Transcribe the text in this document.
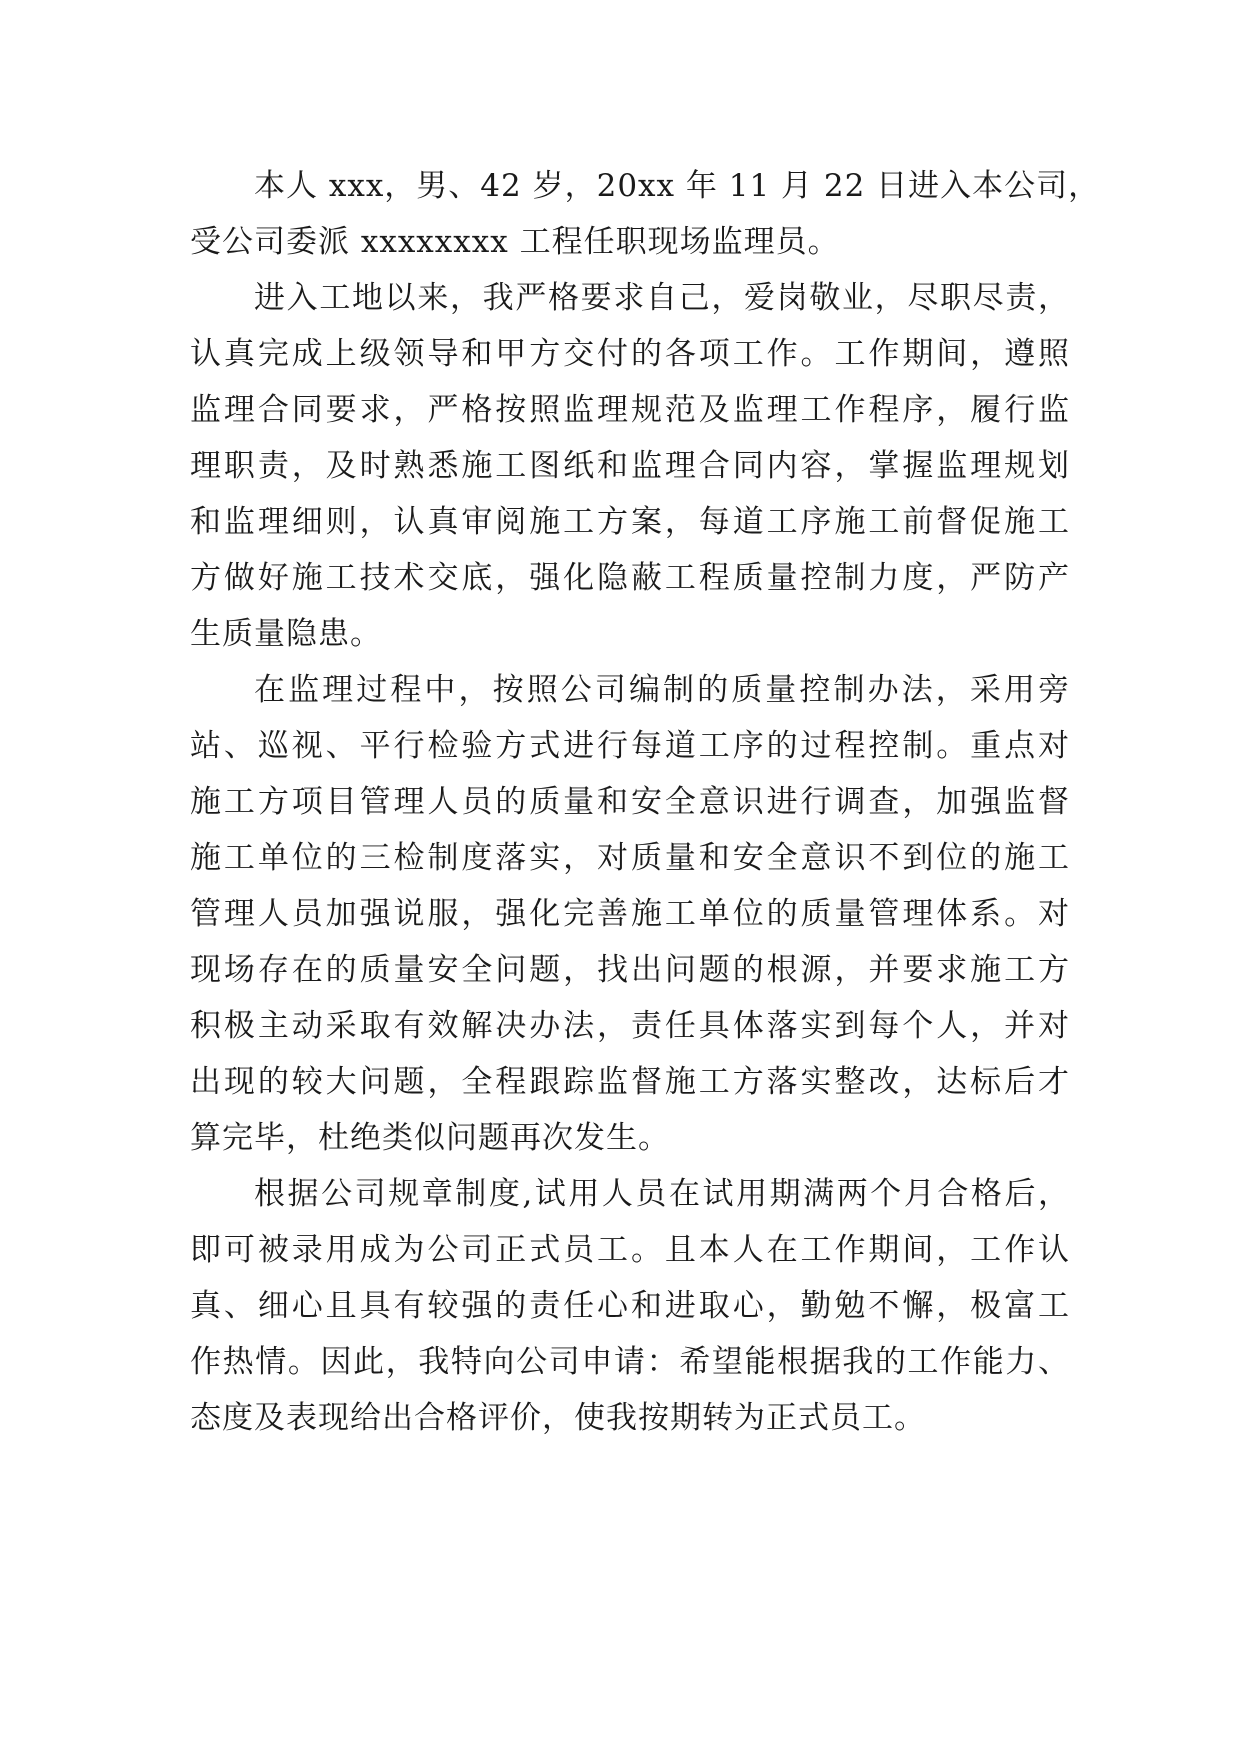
本人 xxx，男、42 岁，20xx 年 11 月 22 日进入本公司，
受公司委派 xxxxxxxx 工程任职现场监理员。
进入工地以来，我严格要求自己，爱岗敬业，尽职尽责，
认真完成上级领导和甲方交付的各项工作。工作期间，遵照
监理合同要求，严格按照监理规范及监理工作程序，履行监
理职责，及时熟悉施工图纸和监理合同内容，掌握监理规划
和监理细则，认真审阅施工方案，每道工序施工前督促施工
方做好施工技术交底，强化隐蔽工程质量控制力度，严防产
生质量隐患。
在监理过程中，按照公司编制的质量控制办法，采用旁
站、巡视、平行检验方式进行每道工序的过程控制。重点对
施工方项目管理人员的质量和安全意识进行调查，加强监督
施工单位的三检制度落实，对质量和安全意识不到位的施工
管理人员加强说服，强化完善施工单位的质量管理体系。对
现场存在的质量安全问题，找出问题的根源，并要求施工方
积极主动采取有效解决办法，责任具体落实到每个人，并对
出现的较大问题，全程跟踪监督施工方落实整改，达标后才
算完毕，杜绝类似问题再次发生。
根据公司规章制度,试用人员在试用期满两个月合格后，
即可被录用成为公司正式员工。且本人在工作期间，工作认
真、细心且具有较强的责任心和进取心，勤勉不懈，极富工
作热情。因此，我特向公司申请：希望能根据我的工作能力、
态度及表现给出合格评价，使我按期转为正式员工。
